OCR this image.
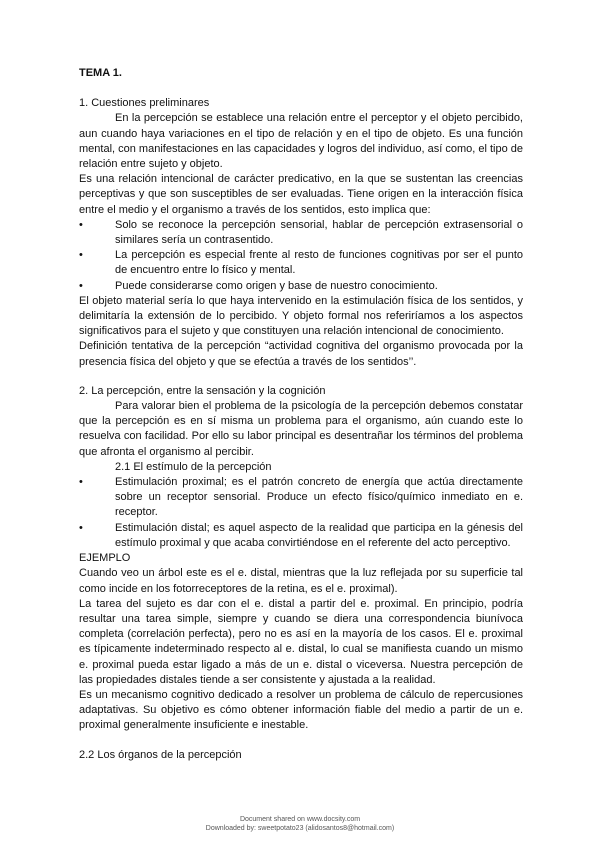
TEMA 1.

1. Cuestiones preliminares

En la percepción se establece una relación entre el perceptor y el objeto percibido, aun cuando haya variaciones en el tipo de relación y en el tipo de objeto. Es una función mental, con manifestaciones en las capacidades y logros del individuo, así como, el tipo de relación entre sujeto y objeto.

Es una relación intencional de carácter predicativo, en la que se sustentan las creencias perceptivas y que son susceptibles de ser evaluadas. Tiene origen en la interacción física entre el medio y el organismo a través de los sentidos, esto implica que:

•	Solo se reconoce la percepción sensorial, hablar de percepción extrasensorial o similares sería un contrasentido.

•	La percepción es especial frente al resto de funciones cognitivas por ser el punto de encuentro entre lo físico y mental.

•	Puede considerarse como origen y base de nuestro conocimiento.

El objeto material sería lo que haya intervenido en la estimulación física de los sentidos, y delimitaría la extensión de lo percibido. Y objeto formal nos referiríamos a los aspectos significativos para el sujeto y que constituyen una relación intencional de conocimiento.

Definición tentativa de la percepción “actividad cognitiva del organismo provocada por la presencia física del objeto y que se efectúa a través de los sentidos’’.

2. La percepción, entre la sensación y la cognición

Para valorar bien el problema de la psicología de la percepción debemos constatar que la percepción es en sí misma un problema para el organismo, aún cuando este lo resuelva con facilidad. Por ello su labor principal es desentrañar los términos del problema que afronta el organismo al percibir.

2.1 El estímulo de la percepción

•	Estimulación proximal; es el patrón concreto de energía que actúa directamente sobre un receptor sensorial. Produce un efecto físico/químico inmediato en e. receptor.

•	Estimulación distal; es aquel aspecto de la realidad que participa en la génesis del estímulo proximal y que acaba convirtiéndose en el referente del acto perceptivo.

EJEMPLO

Cuando veo un árbol este es el e. distal, mientras que la luz reflejada por su superficie tal como incide en los fotorreceptores de la retina, es el e. proximal).

La tarea del sujeto es dar con el e. distal a partir del e. proximal. En principio, podría resultar una tarea simple, siempre y cuando se diera una correspondencia biunívoca completa (correlación perfecta), pero no es así en la mayoría de los casos. El e. proximal es típicamente indeterminado respecto al e. distal, lo cual se manifiesta cuando un mismo e. proximal pueda estar ligado a más de un e. distal o viceversa. Nuestra percepción de las propiedades distales tiende a ser consistente y ajustada a la realidad.

Es un mecanismo cognitivo dedicado a resolver un problema de cálculo de repercusiones adaptativas. Su objetivo es cómo obtener información fiable del medio a partir de un e. proximal generalmente insuficiente e inestable.

2.2 Los órganos de la percepción

Document shared on www.docsity.com
Downloaded by: sweetpotato23 (alidosantos8@hotmail.com)
